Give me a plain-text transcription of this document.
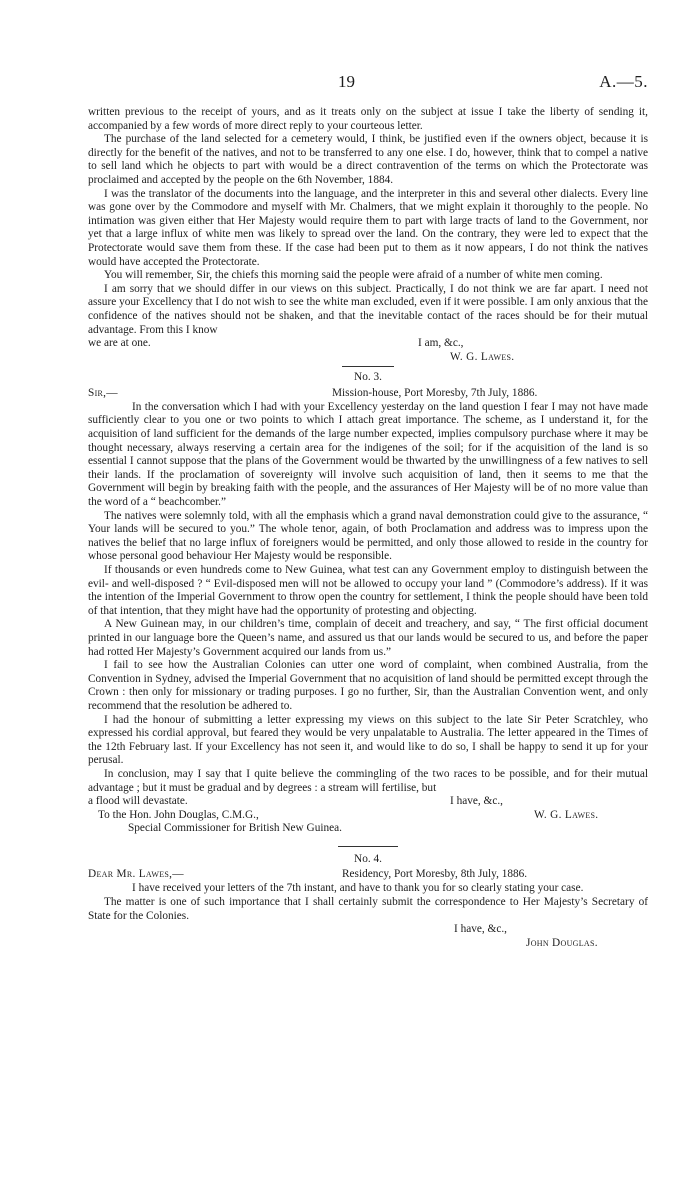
19	A.—5.

written previous to the receipt of yours, and as it treats only on the subject at issue I take the liberty of sending it, accompanied by a few words of more direct reply to your courteous letter.

The purchase of the land selected for a cemetery would, I think, be justified even if the owners object, because it is directly for the benefit of the natives, and not to be transferred to any one else. I do, however, think that to compel a native to sell land which he objects to part with would be a direct contravention of the terms on which the Protectorate was proclaimed and accepted by the people on the 6th November, 1884.

I was the translator of the documents into the language, and the interpreter in this and several other dialects. Every line was gone over by the Commodore and myself with Mr. Chalmers, that we might explain it thoroughly to the people. No intimation was given either that Her Majesty would require them to part with large tracts of land to the Government, nor yet that a large influx of white men was likely to spread over the land. On the contrary, they were led to expect that the Protectorate would save them from these. If the case had been put to them as it now appears, I do not think the natives would have accepted the Protectorate.

You will remember, Sir, the chiefs this morning said the people were afraid of a number of white men coming.

I am sorry that we should differ in our views on this subject. Practically, I do not think we are far apart. I need not assure your Excellency that I do not wish to see the white man excluded, even if it were possible. I am only anxious that the confidence of the natives should not be shaken, and that the inevitable contact of the races should be for their mutual advantage. From this I know

we are at one.	I am, &c.,
W. G. Lawes.

No. 3.

Sir,—	Mission-house, Port Moresby, 7th July, 1886.

In the conversation which I had with your Excellency yesterday on the land question I fear I may not have made sufficiently clear to you one or two points to which I attach great importance. The scheme, as I understand it, for the acquisition of land sufficient for the demands of the large number expected, implies compulsory purchase where it may be thought necessary, always reserving a certain area for the indigenes of the soil; for if the acquisition of the land is so essential I cannot suppose that the plans of the Government would be thwarted by the unwillingness of a few natives to sell their lands. If the proclamation of sovereignty will involve such acquisition of land, then it seems to me that the Government will begin by breaking faith with the people, and the assurances of Her Majesty will be of no more value than the word of a “ beachcomber.”

The natives were solemnly told, with all the emphasis which a grand naval demonstration could give to the assurance, “ Your lands will be secured to you.” The whole tenor, again, of both Proclamation and address was to impress upon the natives the belief that no large influx of foreigners would be permitted, and only those allowed to reside in the country for whose personal good behaviour Her Majesty would be responsible.

If thousands or even hundreds come to New Guinea, what test can any Government employ to distinguish between the evil- and well-disposed ? “ Evil-disposed men will not be allowed to occupy your land ” (Commodore’s address). If it was the intention of the Imperial Government to throw open the country for settlement, I think the people should have been told of that intention, that they might have had the opportunity of protesting and objecting.

A New Guinean may, in our children’s time, complain of deceit and treachery, and say, “ The first official document printed in our language bore the Queen’s name, and assured us that our lands would be secured to us, and before the paper had rotted Her Majesty’s Government acquired our lands from us.”

I fail to see how the Australian Colonies can utter one word of complaint, when combined Australia, from the Convention in Sydney, advised the Imperial Government that no acquisition of land should be permitted except through the Crown : then only for missionary or trading purposes. I go no further, Sir, than the Australian Convention went, and only recommend that the resolution be adhered to.

I had the honour of submitting a letter expressing my views on this subject to the late Sir Peter Scratchley, who expressed his cordial approval, but feared they would be very unpalatable to Australia. The letter appeared in the Times of the 12th February last. If your Excellency has not seen it, and would like to do so, I shall be happy to send it up for your perusal.

In conclusion, may I say that I quite believe the commingling of the two races to be possible, and for their mutual advantage ; but it must be gradual and by degrees : a stream will fertilise, but

a flood will devastate.	I have, &c.,
To the Hon. John Douglas, C.M.G.,	W. G. Lawes.
Special Commissioner for British New Guinea.

No. 4.

Dear Mr. Lawes,—	Residency, Port Moresby, 8th July, 1886.

I have received your letters of the 7th instant, and have to thank you for so clearly stating your case.

The matter is one of such importance that I shall certainly submit the correspondence to Her Majesty’s Secretary of State for the Colonies.

I have, &c.,
John Douglas.
